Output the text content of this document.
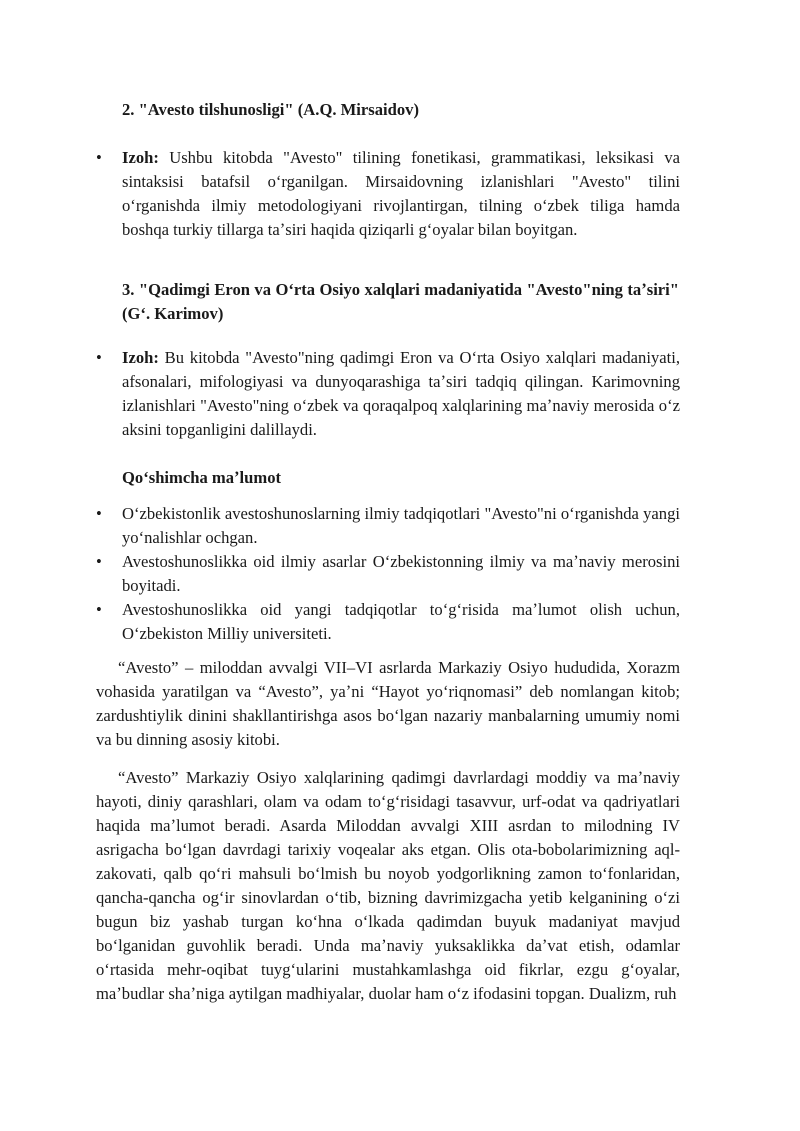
2. "Avesto tilshunosligi" (A.Q. Mirsaidov)
•	Izoh: Ushbu kitobda "Avesto" tilining fonetikasi, grammatikasi, leksikasi va sintaksisi batafsil oʻrganilgan. Mirsaidovning izlanishlari "Avesto" tilini oʻrganishda ilmiy metodologiyani rivojlantirgan, tilning oʻzbek tiliga hamda boshqa turkiy tillarga taʼsiri haqida qiziqarli gʻoyalar bilan boyitgan.
3. "Qadimgi Eron va Oʻrta Osiyo xalqlari madaniyatida "Avesto"ning taʼsiri" (Gʻ. Karimov)
•	Izoh: Bu kitobda "Avesto"ning qadimgi Eron va Oʻrta Osiyo xalqlari madaniyati, afsonalari, mifologiyasi va dunyoqarashiga taʼsiri tadqiq qilingan. Karimovning izlanishlari "Avesto"ning oʻzbek va qoraqalpoq xalqlarining maʼnaviy merosida oʻz aksini topganligini dalillaydi.
Qoʻshimcha maʼlumot
•	Oʻzbekistonlik avestoshunoslarning ilmiy tadqiqotlari "Avesto"ni oʻrganishda yangi yoʻnalishlar ochgan.
•	Avestoshunoslikka oid ilmiy asarlar Oʻzbekistonning ilmiy va maʼnaviy merosini boyitadi.
•	Avestoshunoslikka oid yangi tadqiqotlar toʻgʻrisida maʼlumot olish uchun, Oʻzbekiston Milliy universiteti.

“Avesto” – miloddan avvalgi VII–VI asrlarda Markaziy Osiyo hududida, Xorazm vohasida yaratilgan va “Avesto”, yaʼni “Hayot yoʻriqnomasi” deb nomlangan kitob; zardushtiylik dinini shakllantirishga asos boʻlgan nazariy manbalarning umumiy nomi va bu dinning asosiy kitobi.

“Avesto” Markaziy Osiyo xalqlarining qadimgi davrlardagi moddiy va maʼnaviy hayoti, diniy qarashlari, olam va odam toʻgʻrisidagi tasavvur, urf-odat va qadriyatlari haqida maʼlumot beradi. Asarda Miloddan avvalgi XIII asrdan to milodning IV asrigacha boʻlgan davrdagi tarixiy voqealar aks etgan. Olis ota-bobolarimizning aql-zakovati, qalb qoʻri mahsuli boʻlmish bu noyob yodgorlikning zamon toʻfonlaridan, qancha-qancha ogʻir sinovlardan oʻtib, bizning davrimizgacha yetib kelganining oʻzi bugun biz yashab turgan koʻhna oʻlkada qadimdan buyuk madaniyat mavjud boʻlganidan guvohlik beradi. Unda maʼnaviy yuksaklikka daʼvat etish, odamlar oʻrtasida mehr-oqibat tuygʻularini mustahkamlashga oid fikrlar, ezgu gʻoyalar, maʼbudlar shaʼniga aytilgan madhiyalar, duolar ham oʻz ifodasini topgan. Dualizm, ruh
